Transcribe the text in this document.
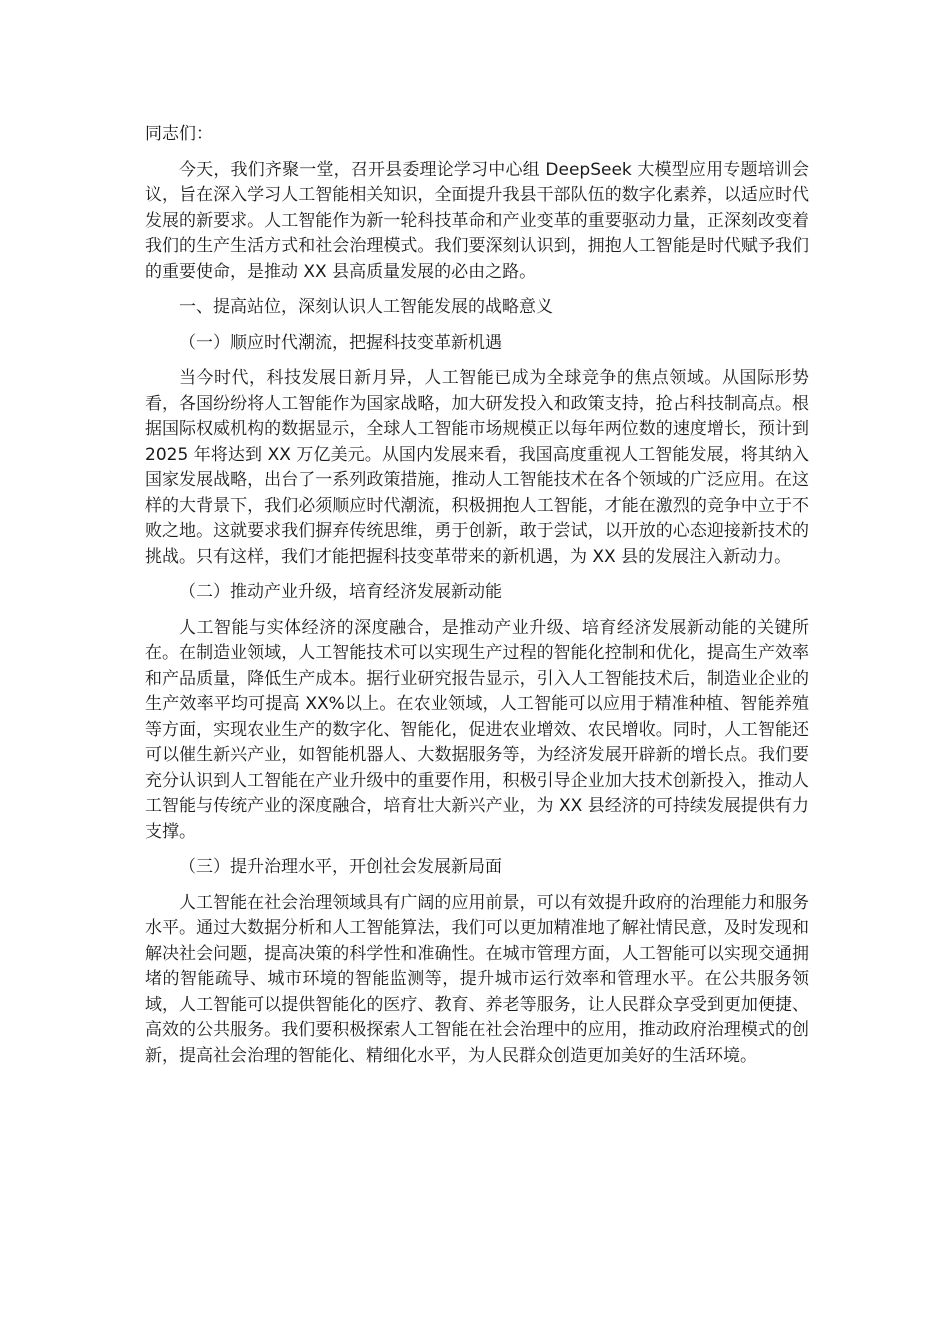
同志们：

今天，我们齐聚一堂，召开县委理论学习中心组 DeepSeek 大模型应用专题培训会议，旨在深入学习人工智能相关知识，全面提升我县干部队伍的数字化素养，以适应时代发展的新要求。人工智能作为新一轮科技革命和产业变革的重要驱动力量，正深刻改变着我们的生产生活方式和社会治理模式。我们要深刻认识到，拥抱人工智能是时代赋予我们的重要使命，是推动 XX 县高质量发展的必由之路。

一、提高站位，深刻认识人工智能发展的战略意义

（一）顺应时代潮流，把握科技变革新机遇

当今时代，科技发展日新月异，人工智能已成为全球竞争的焦点领域。从国际形势看，各国纷纷将人工智能作为国家战略，加大研发投入和政策支持，抢占科技制高点。根据国际权威机构的数据显示，全球人工智能市场规模正以每年两位数的速度增长，预计到 2025 年将达到 XX 万亿美元。从国内发展来看，我国高度重视人工智能发展，将其纳入国家发展战略，出台了一系列政策措施，推动人工智能技术在各个领域的广泛应用。在这样的大背景下，我们必须顺应时代潮流，积极拥抱人工智能，才能在激烈的竞争中立于不败之地。这就要求我们摒弃传统思维，勇于创新，敢于尝试，以开放的心态迎接新技术的挑战。只有这样，我们才能把握科技变革带来的新机遇，为 XX 县的发展注入新动力。

（二）推动产业升级，培育经济发展新动能

人工智能与实体经济的深度融合，是推动产业升级、培育经济发展新动能的关键所在。在制造业领域，人工智能技术可以实现生产过程的智能化控制和优化，提高生产效率和产品质量，降低生产成本。据行业研究报告显示，引入人工智能技术后，制造业企业的生产效率平均可提高 XX%以上。在农业领域，人工智能可以应用于精准种植、智能养殖等方面，实现农业生产的数字化、智能化，促进农业增效、农民增收。同时，人工智能还可以催生新兴产业，如智能机器人、大数据服务等，为经济发展开辟新的增长点。我们要充分认识到人工智能在产业升级中的重要作用，积极引导企业加大技术创新投入，推动人工智能与传统产业的深度融合，培育壮大新兴产业，为 XX 县经济的可持续发展提供有力支撑。

（三）提升治理水平，开创社会发展新局面

人工智能在社会治理领域具有广阔的应用前景，可以有效提升政府的治理能力和服务水平。通过大数据分析和人工智能算法，我们可以更加精准地了解社情民意，及时发现和解决社会问题，提高决策的科学性和准确性。在城市管理方面，人工智能可以实现交通拥堵的智能疏导、城市环境的智能监测等，提升城市运行效率和管理水平。在公共服务领域，人工智能可以提供智能化的医疗、教育、养老等服务，让人民群众享受到更加便捷、高效的公共服务。我们要积极探索人工智能在社会治理中的应用，推动政府治理模式的创新，提高社会治理的智能化、精细化水平，为人民群众创造更加美好的生活环境。
